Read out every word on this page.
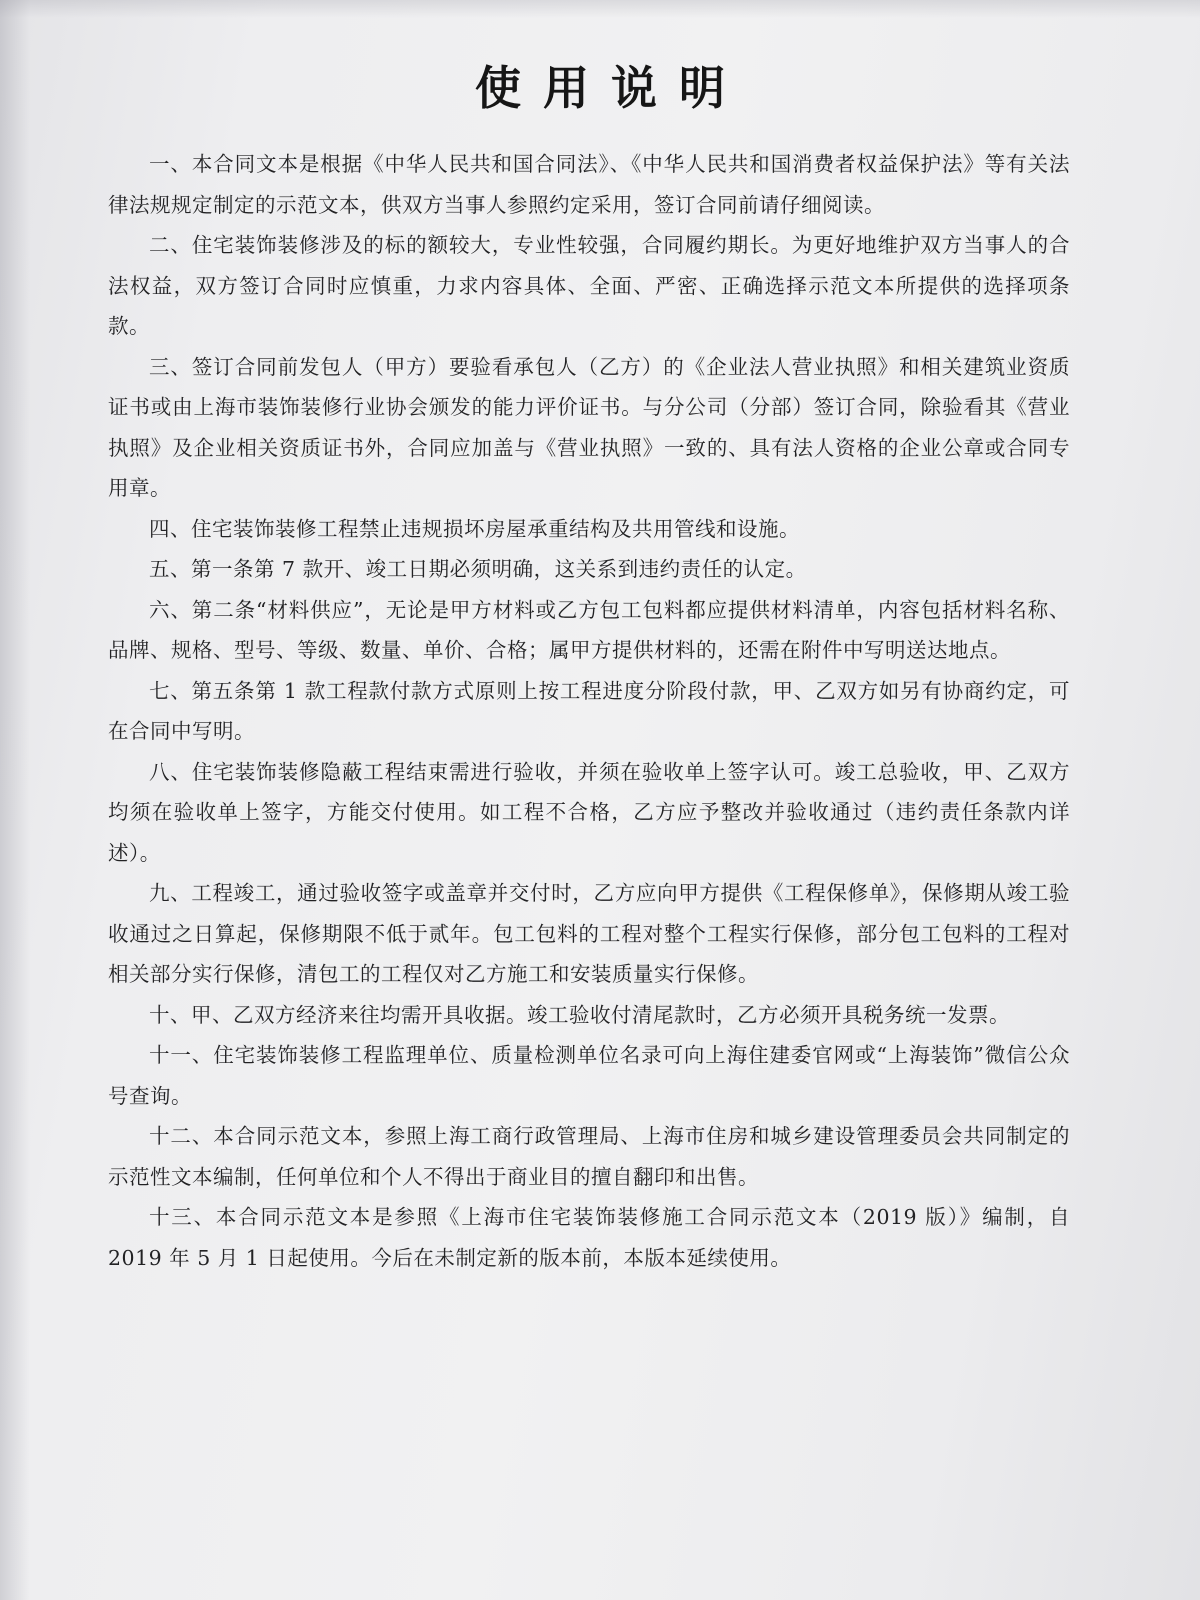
使用说明

一、本合同文本是根据《中华人民共和国合同法》、《中华人民共和国消费者权益保护法》等有关法律法规规定制定的示范文本，供双方当事人参照约定采用，签订合同前请仔细阅读。

二、住宅装饰装修涉及的标的额较大，专业性较强，合同履约期长。为更好地维护双方当事人的合法权益，双方签订合同时应慎重，力求内容具体、全面、严密、正确选择示范文本所提供的选择项条款。

三、签订合同前发包人（甲方）要验看承包人（乙方）的《企业法人营业执照》和相关建筑业资质证书或由上海市装饰装修行业协会颁发的能力评价证书。与分公司（分部）签订合同，除验看其《营业执照》及企业相关资质证书外，合同应加盖与《营业执照》一致的、具有法人资格的企业公章或合同专用章。

四、住宅装饰装修工程禁止违规损坏房屋承重结构及共用管线和设施。

五、第一条第 7 款开、竣工日期必须明确，这关系到违约责任的认定。

六、第二条“材料供应”，无论是甲方材料或乙方包工包料都应提供材料清单，内容包括材料名称、品牌、规格、型号、等级、数量、单价、合格；属甲方提供材料的，还需在附件中写明送达地点。

七、第五条第 1 款工程款付款方式原则上按工程进度分阶段付款，甲、乙双方如另有协商约定，可在合同中写明。

八、住宅装饰装修隐蔽工程结束需进行验收，并须在验收单上签字认可。竣工总验收，甲、乙双方均须在验收单上签字，方能交付使用。如工程不合格，乙方应予整改并验收通过（违约责任条款内详述）。

九、工程竣工，通过验收签字或盖章并交付时，乙方应向甲方提供《工程保修单》，保修期从竣工验收通过之日算起，保修期限不低于贰年。包工包料的工程对整个工程实行保修，部分包工包料的工程对相关部分实行保修，清包工的工程仅对乙方施工和安装质量实行保修。

十、甲、乙双方经济来往均需开具收据。竣工验收付清尾款时，乙方必须开具税务统一发票。

十一、住宅装饰装修工程监理单位、质量检测单位名录可向上海住建委官网或“上海装饰”微信公众号查询。

十二、本合同示范文本，参照上海工商行政管理局、上海市住房和城乡建设管理委员会共同制定的示范性文本编制，任何单位和个人不得出于商业目的擅自翻印和出售。

十三、本合同示范文本是参照《上海市住宅装饰装修施工合同示范文本（2019 版）》编制，自 2019 年 5 月 1 日起使用。今后在未制定新的版本前，本版本延续使用。
